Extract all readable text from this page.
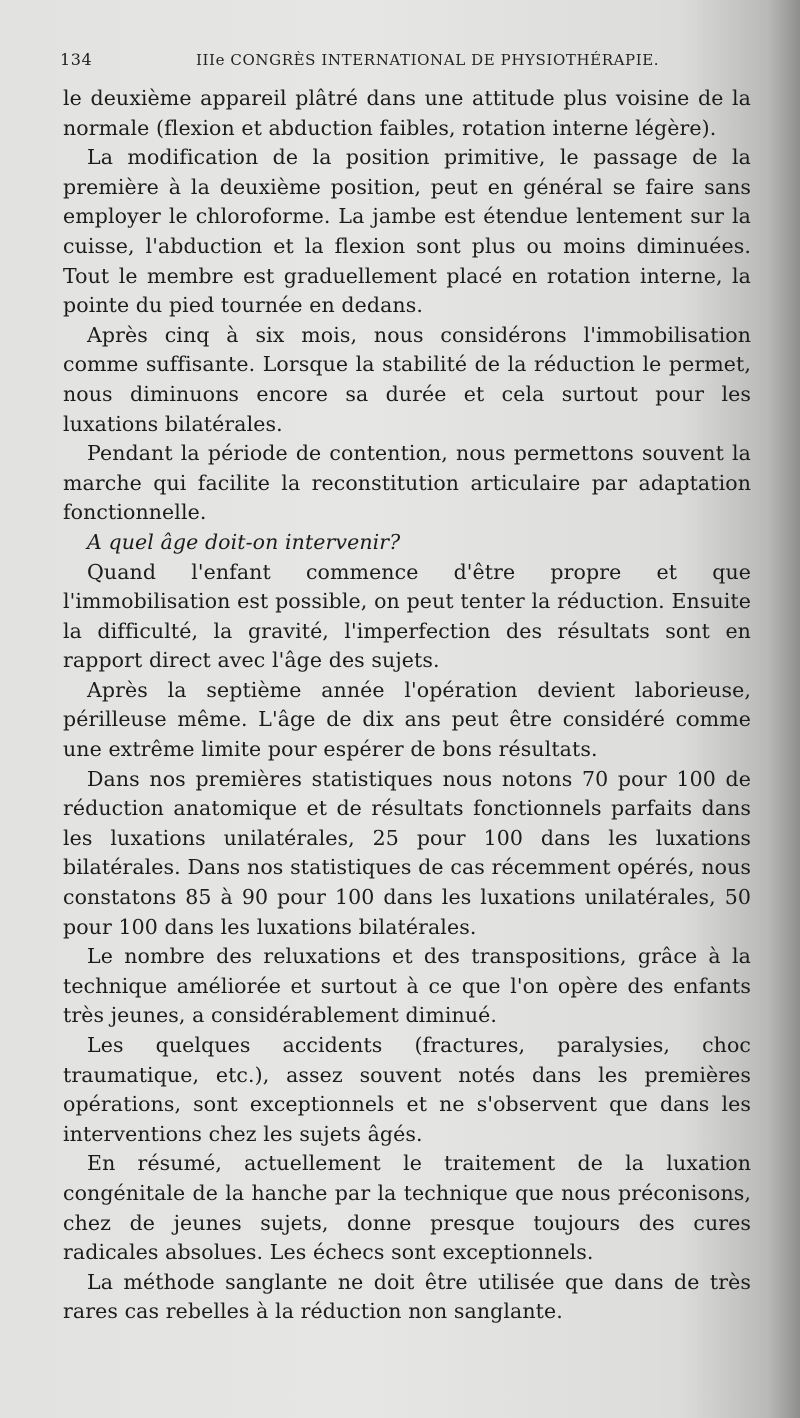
134	IIIe CONGRÈS INTERNATIONAL DE PHYSIOTHÉRAPIE.

le deuxième appareil plâtré dans une attitude plus voisine de la normale (flexion et abduction faibles, rotation interne légère).

La modification de la position primitive, le passage de la première à la deuxième position, peut en général se faire sans employer le chloroforme. La jambe est étendue lentement sur la cuisse, l'abduction et la flexion sont plus ou moins diminuées. Tout le membre est graduellement placé en rotation interne, la pointe du pied tournée en dedans.

Après cinq à six mois, nous considérons l'immobilisation comme suffisante. Lorsque la stabilité de la réduction le permet, nous diminuons encore sa durée et cela surtout pour les luxations bilatérales.

Pendant la période de contention, nous permettons souvent la marche qui facilite la reconstitution articulaire par adaptation fonctionnelle.

A quel âge doit-on intervenir?

Quand l'enfant commence d'être propre et que l'immobilisation est possible, on peut tenter la réduction. Ensuite la difficulté, la gravité, l'imperfection des résultats sont en rapport direct avec l'âge des sujets.

Après la septième année l'opération devient laborieuse, périlleuse même. L'âge de dix ans peut être considéré comme une extrême limite pour espérer de bons résultats.

Dans nos premières statistiques nous notons 70 pour 100 de réduction anatomique et de résultats fonctionnels parfaits dans les luxations unilatérales, 25 pour 100 dans les luxations bilatérales. Dans nos statistiques de cas récemment opérés, nous constatons 85 à 90 pour 100 dans les luxations unilatérales, 50 pour 100 dans les luxations bilatérales.

Le nombre des reluxations et des transpositions, grâce à la technique améliorée et surtout à ce que l'on opère des enfants très jeunes, a considérablement diminué.

Les quelques accidents (fractures, paralysies, choc traumatique, etc.), assez souvent notés dans les premières opérations, sont exceptionnels et ne s'observent que dans les interventions chez les sujets âgés.

En résumé, actuellement le traitement de la luxation congénitale de la hanche par la technique que nous préconisons, chez de jeunes sujets, donne presque toujours des cures radicales absolues. Les échecs sont exceptionnels.

La méthode sanglante ne doit être utilisée que dans de très rares cas rebelles à la réduction non sanglante.
